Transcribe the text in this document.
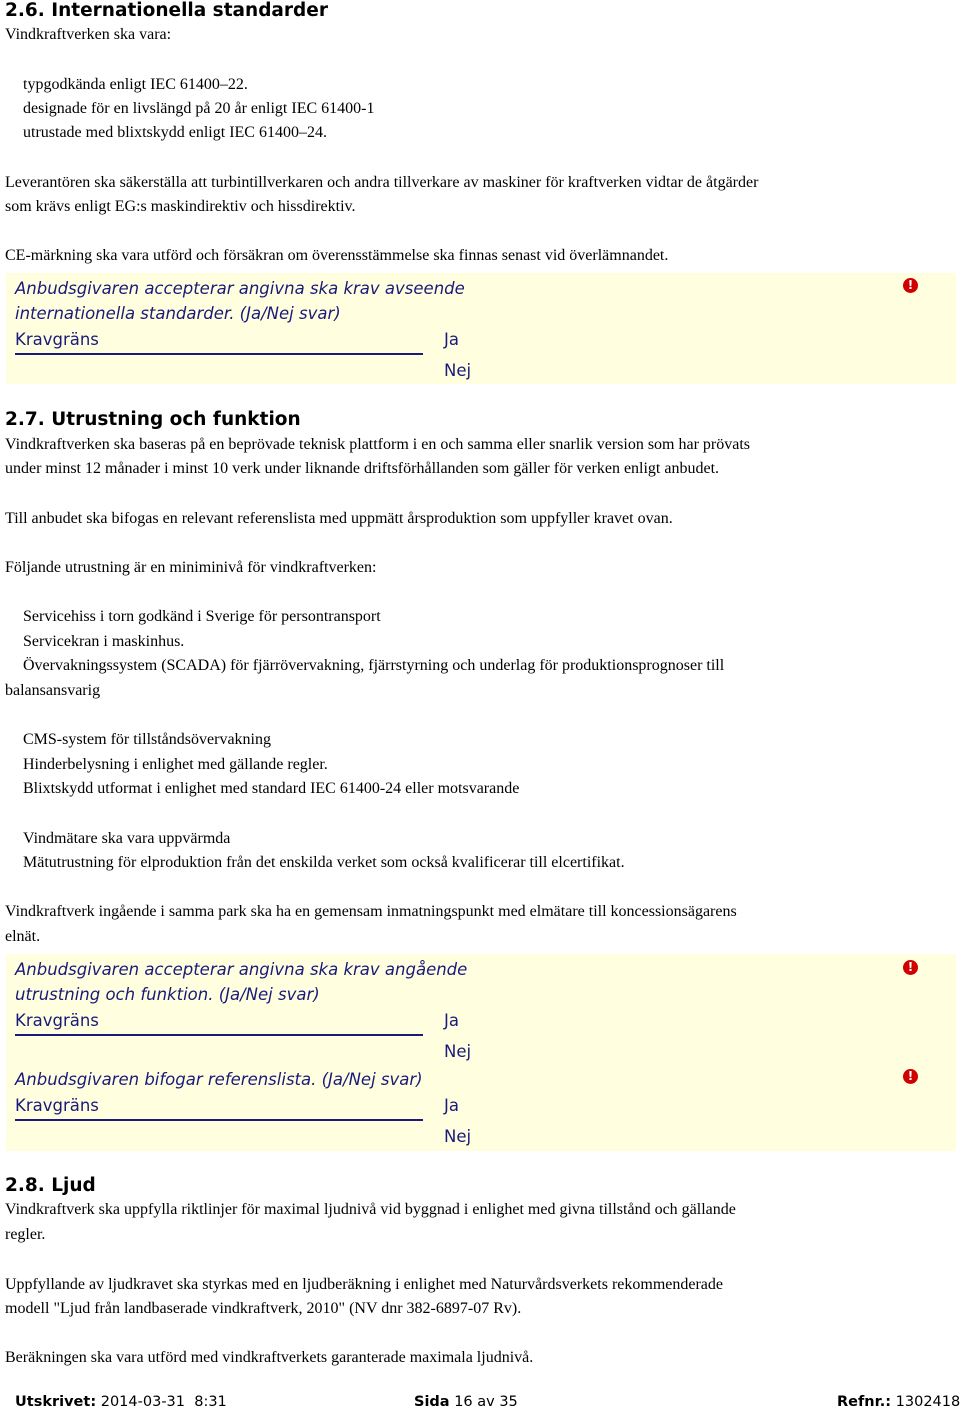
2.6. Internationella standarder
Vindkraftverken ska vara:
typgodkända enligt IEC 61400–22.
designade för en livslängd på 20 år enligt IEC 61400-1
utrustade med blixtskydd enligt IEC 61400–24.
Leverantören ska säkerställa att turbintillverkaren och andra tillverkare av maskiner för kraftverken vidtar de åtgärder
som krävs enligt EG:s maskindirektiv och hissdirektiv.
CE-märkning ska vara utförd och försäkran om överensstämmelse ska finnas senast vid överlämnandet.
Anbudsgivaren accepterar angivna ska krav avseende
internationella standarder. (Ja/Nej svar)
Kravgräns	Ja
Nej
!
2.7. Utrustning och funktion
Vindkraftverken ska baseras på en beprövade teknisk plattform i en och samma eller snarlik version som har prövats
under minst 12 månader i minst 10 verk under liknande driftsförhållanden som gäller för verken enligt anbudet.
Till anbudet ska bifogas en relevant referenslista med uppmätt årsproduktion som uppfyller kravet ovan.
Följande utrustning är en miniminivå för vindkraftverken:
Servicehiss i torn godkänd i Sverige för persontransport
Servicekran i maskinhus.
Övervakningssystem (SCADA) för fjärrövervakning, fjärrstyrning och underlag för produktionsprognoser till
balansansvarig
CMS-system för tillståndsövervakning
Hinderbelysning i enlighet med gällande regler.
Blixtskydd utformat i enlighet med standard IEC 61400-24 eller motsvarande
Vindmätare ska vara uppvärmda
Mätutrustning för elproduktion från det enskilda verket som också kvalificerar till elcertifikat.
Vindkraftverk ingående i samma park ska ha en gemensam inmatningspunkt med elmätare till koncessionsägarens
elnät.
Anbudsgivaren accepterar angivna ska krav angående
utrustning och funktion. (Ja/Nej svar)
Kravgräns	Ja
Nej
!
Anbudsgivaren bifogar referenslista. (Ja/Nej svar)
Kravgräns	Ja
Nej
!
2.8. Ljud
Vindkraftverk ska uppfylla riktlinjer för maximal ljudnivå vid byggnad i enlighet med givna tillstånd och gällande
regler.
Uppfyllande av ljudkravet ska styrkas med en ljudberäkning i enlighet med Naturvårdsverkets rekommenderade
modell "Ljud från landbaserade vindkraftverk, 2010" (NV dnr 382-6897-07 Rv).
Beräkningen ska vara utförd med vindkraftverkets garanterade maximala ljudnivå.
Utskrivet: 2014-03-31  8:31	Sida 16 av 35	Refnr.: 1302418
